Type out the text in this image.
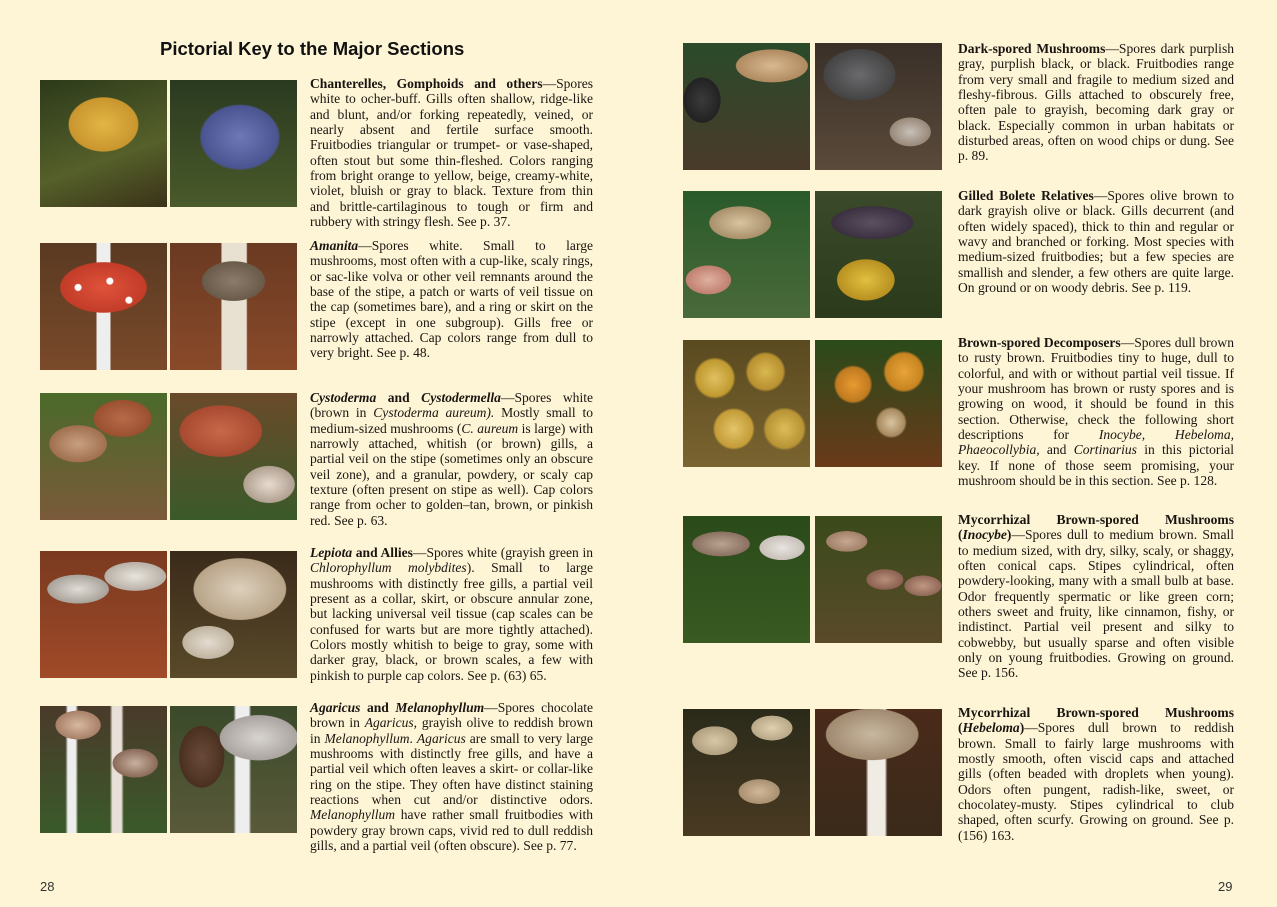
Pictorial Key to the Major Sections
Chanterelles, Gomphoids and others—Spores white to ocher-buff. Gills often shallow, ridge-like and blunt, and/or forking repeatedly, veined, or nearly absent and fertile surface smooth. Fruitbodies triangular or trumpet- or vase-shaped, often stout but some thin-fleshed. Colors ranging from bright orange to yellow, beige, creamy-white, violet, bluish or gray to black. Texture from thin and brittle-cartilaginous to tough or firm and rubbery with stringy flesh. See p. 37.
Amanita—Spores white. Small to large mushrooms, most often with a cup-like, scaly rings, or sac-like volva or other veil remnants around the base of the stipe, a patch or warts of veil tissue on the cap (sometimes bare), and a ring or skirt on the stipe (except in one subgroup). Gills free or narrowly attached. Cap colors range from dull to very bright. See p. 48.
Cystoderma and Cystodermella—Spores white (brown in Cystoderma aureum). Mostly small to medium-sized mushrooms (C. aureum is large) with narrowly attached, whitish (or brown) gills, a partial veil on the stipe (sometimes only an obscure veil zone), and a granular, powdery, or scaly cap texture (often present on stipe as well). Cap colors range from ocher to golden–tan, brown, or pinkish red. See p. 63.
Lepiota and Allies—Spores white (grayish green in Chlorophyllum molybdites). Small to large mushrooms with distinctly free gills, a partial veil present as a collar, skirt, or obscure annular zone, but lacking universal veil tissue (cap scales can be confused for warts but are more tightly attached). Colors mostly whitish to beige to gray, some with darker gray, black, or brown scales, a few with pinkish to purple cap colors. See p. (63) 65.
Agaricus and Melanophyllum—Spores chocolate brown in Agaricus, grayish olive to reddish brown in Melanophyllum. Agaricus are small to very large mushrooms with distinctly free gills, and have a partial veil which often leaves a skirt- or collar-like ring on the stipe. They often have distinct staining reactions when cut and/or distinctive odors. Melanophyllum have rather small fruitbodies with powdery gray brown caps, vivid red to dull reddish gills, and a partial veil (often obscure). See p. 77.
Dark-spored Mushrooms—Spores dark purplish gray, purplish black, or black. Fruitbodies range from very small and fragile to medium sized and fleshy-fibrous. Gills attached to obscurely free, often pale to grayish, becoming dark gray or black. Especially common in urban habitats or disturbed areas, often on wood chips or dung. See p. 89.
Gilled Bolete Relatives—Spores olive brown to dark grayish olive or black. Gills decurrent (and often widely spaced), thick to thin and regular or wavy and branched or forking. Most species with medium-sized fruitbodies; but a few species are smallish and slender, a few others are quite large. On ground or on woody debris. See p. 119.
Brown-spored Decomposers—Spores dull brown to rusty brown. Fruitbodies tiny to huge, dull to colorful, and with or without partial veil tissue. If your mushroom has brown or rusty spores and is growing on wood, it should be found in this section. Otherwise, check the following short descriptions for Inocybe, Hebeloma, Phaeocollybia, and Cortinarius in this pictorial key. If none of those seem promising, your mushroom should be in this section. See p. 128.
Mycorrhizal Brown-spored Mushrooms (Inocybe)—Spores dull to medium brown. Small to medium sized, with dry, silky, scaly, or shaggy, often conical caps. Stipes cylindrical, often powdery-looking, many with a small bulb at base. Odor frequently spermatic or like green corn; others sweet and fruity, like cinnamon, fishy, or indistinct. Partial veil present and silky to cobwebby, but usually sparse and often visible only on young fruitbodies. Growing on ground. See p. 156.
Mycorrhizal Brown-spored Mushrooms (Hebeloma)—Spores dull brown to reddish brown. Small to fairly large mushrooms with mostly smooth, often viscid caps and attached gills (often beaded with droplets when young). Odors often pungent, radish-like, sweet, or chocolatey-musty. Stipes cylindrical to club shaped, often scurfy. Growing on ground. See p. (156) 163.
28	29
